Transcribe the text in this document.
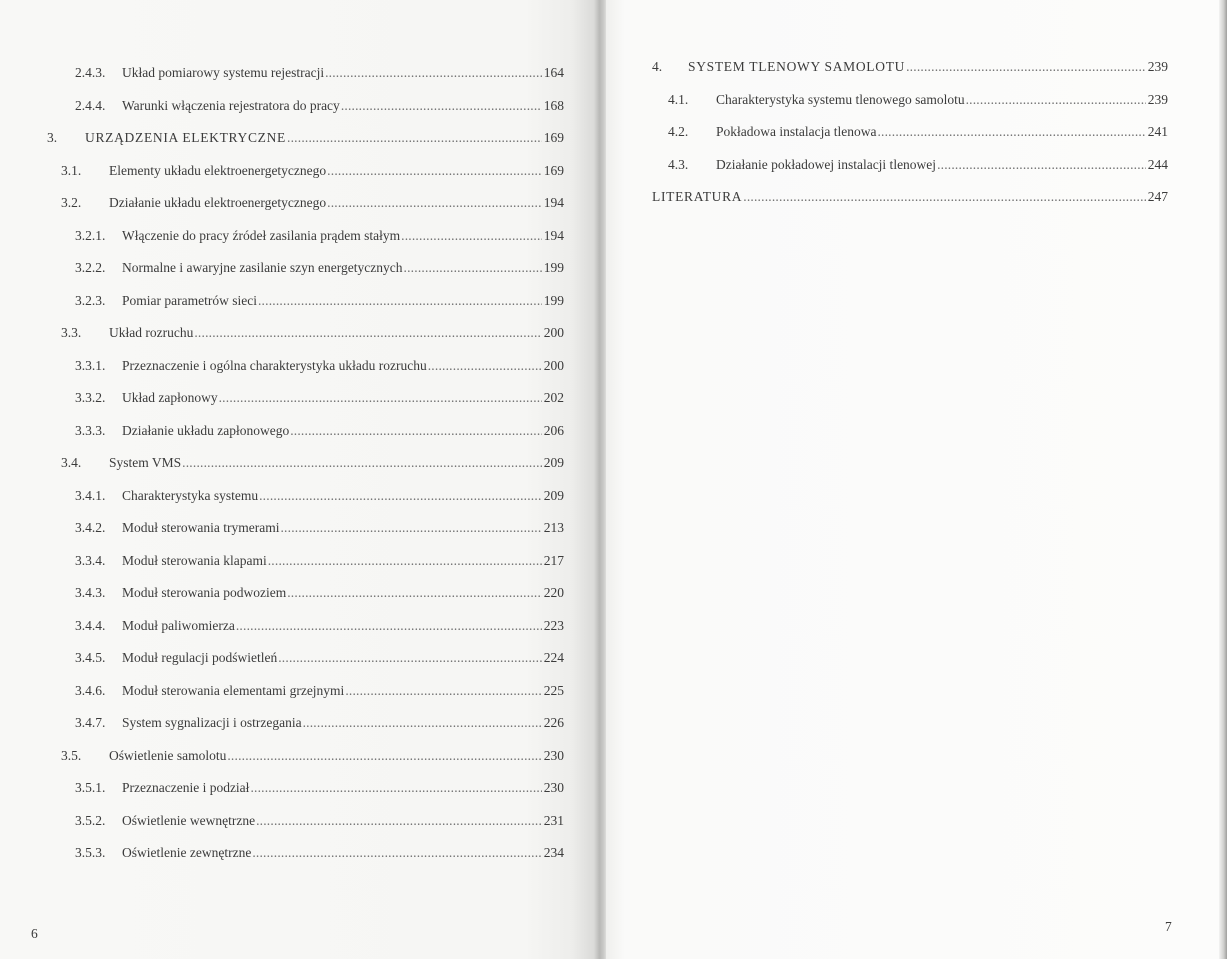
2.4.3. Układ pomiarowy systemu rejestracji .....	164
2.4.4. Warunki włączenia rejestratora do pracy .....	168
3. URZĄDZENIA ELEKTRYCZNE .....	169
3.1. Elementy układu elektroenergetycznego .....	169
3.2. Działanie układu elektroenergetycznego .....	194
3.2.1. Włączenie do pracy źródeł zasilania prądem stałym .....	194
3.2.2. Normalne i awaryjne zasilanie szyn energetycznych .....	199
3.2.3. Pomiar parametrów sieci .....	199
3.3. Układ rozruchu .....	200
3.3.1. Przeznaczenie i ogólna charakterystyka układu rozruchu .....	200
3.3.2. Układ zapłonowy .....	202
3.3.3. Działanie układu zapłonowego .....	206
3.4. System VMS .....	209
3.4.1. Charakterystyka systemu .....	209
3.4.2. Moduł sterowania trymerami .....	213
3.3.4. Moduł sterowania klapami .....	217
3.4.3. Moduł sterowania podwoziem .....	220
3.4.4. Moduł paliwomierza .....	223
3.4.5. Moduł regulacji podświetleń .....	224
3.4.6. Moduł sterowania elementami grzejnymi .....	225
3.4.7. System sygnalizacji i ostrzegania .....	226
3.5. Oświetlenie samolotu .....	230
3.5.1. Przeznaczenie i podział .....	230
3.5.2. Oświetlenie wewnętrzne .....	231
3.5.3. Oświetlenie zewnętrzne .....	234
4. SYSTEM TLENOWY SAMOLOTU .....	239
4.1. Charakterystyka systemu tlenowego samolotu .....	239
4.2. Pokładowa instalacja tlenowa .....	241
4.3. Działanie pokładowej instalacji tlenowej .....	244
LITERATURA .....	247
6	7
